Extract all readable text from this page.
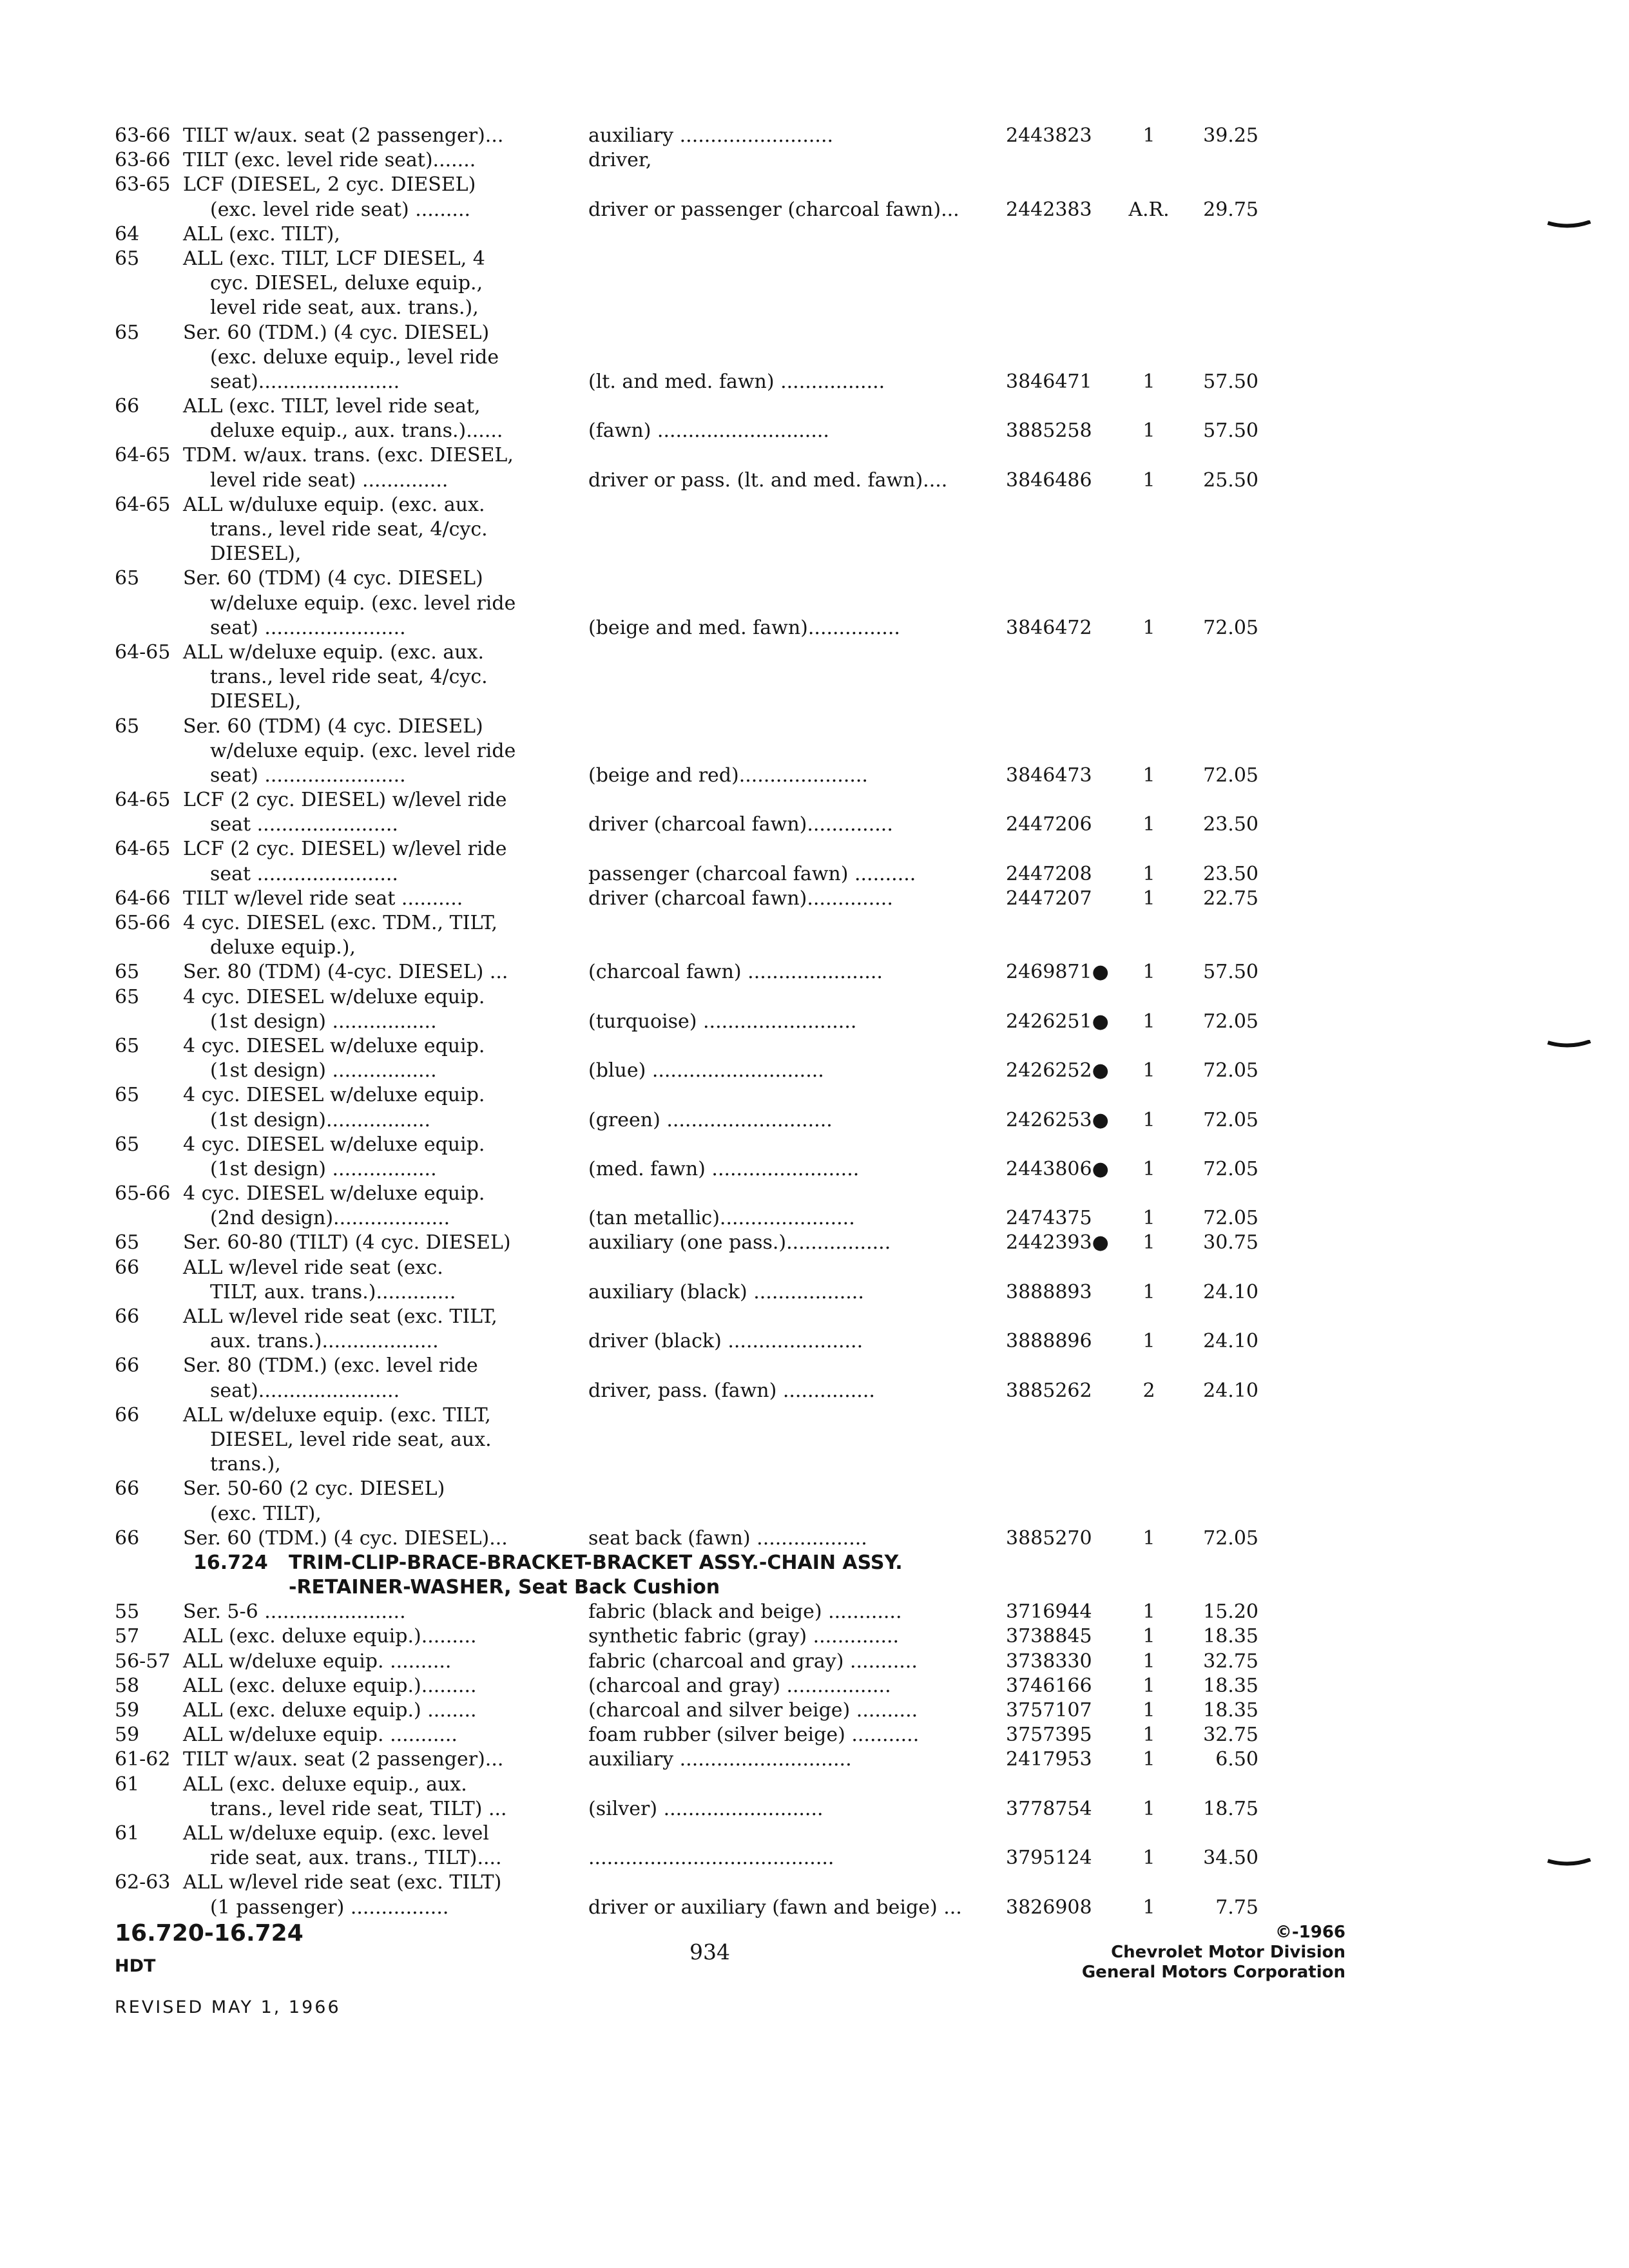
63-66 TILT w/aux. seat (2 passenger)...	auxiliary .........................	2443823	1	39.25
63-66 TILT (exc. level ride seat).......	driver,
63-65 LCF (DIESEL, 2 cyc. DIESEL)
(exc. level ride seat) .........	driver or passenger (charcoal fawn)... 2442383 A.R.	29.75
64 ALL (exc. TILT),
65 ALL (exc. TILT, LCF DIESEL, 4
cyc. DIESEL, deluxe equip.,
level ride seat, aux. trans.),
65 Ser. 60 (TDM.) (4 cyc. DIESEL)
(exc. deluxe equip., level ride
seat).......................	(lt. and med. fawn) .................	3846471	1	57.50
66 ALL (exc. TILT, level ride seat,
deluxe equip., aux. trans.)......	(fawn) ............................	3885258	1	57.50
64-65 TDM. w/aux. trans. (exc. DIESEL,
level ride seat) ..............	driver or pass. (lt. and med. fawn)....	3846486	1	25.50
64-65 ALL w/duluxe equip. (exc. aux.
trans., level ride seat, 4/cyc.
DIESEL),
65 Ser. 60 (TDM) (4 cyc. DIESEL)
w/deluxe equip. (exc. level ride
seat) .......................	(beige and med. fawn)...............	3846472	1	72.05
64-65 ALL w/deluxe equip. (exc. aux.
trans., level ride seat, 4/cyc.
DIESEL),
65 Ser. 60 (TDM) (4 cyc. DIESEL)
w/deluxe equip. (exc. level ride
seat) .......................	(beige and red).....................	3846473	1	72.05
64-65 LCF (2 cyc. DIESEL) w/level ride
seat .......................	driver (charcoal fawn)..............	2447206	1	23.50
64-65 LCF (2 cyc. DIESEL) w/level ride
seat .......................	passenger (charcoal fawn) ..........	2447208	1	23.50
64-66 TILT w/level ride seat ..........	driver (charcoal fawn)..............	2447207	1	22.75
65-66 4 cyc. DIESEL (exc. TDM., TILT,
deluxe equip.),
65 Ser. 80 (TDM) (4-cyc. DIESEL) ...	(charcoal fawn) ......................	2469871●	1	57.50
65 4 cyc. DIESEL w/deluxe equip.
(1st design) .................	(turquoise) .........................	2426251●	1	72.05
65 4 cyc. DIESEL w/deluxe equip.
(1st design) .................	(blue) ............................	2426252●	1	72.05
65 4 cyc. DIESEL w/deluxe equip.
(1st design).................	(green) ...........................	2426253●	1	72.05
65 4 cyc. DIESEL w/deluxe equip.
(1st design) .................	(med. fawn) ........................	2443806●	1	72.05
65-66 4 cyc. DIESEL w/deluxe equip.
(2nd design)...................	(tan metallic)......................	2474375	1	72.05
65 Ser. 60-80 (TILT) (4 cyc. DIESEL)	auxiliary (one pass.).................	2442393●	1	30.75
66 ALL w/level ride seat (exc.
TILT, aux. trans.).............	auxiliary (black) ..................	3888893	1	24.10
66 ALL w/level ride seat (exc. TILT,
aux. trans.)...................	driver (black) ......................	3888896	1	24.10
66 Ser. 80 (TDM.) (exc. level ride
seat).......................	driver, pass. (fawn) ...............	3885262	2	24.10
66 ALL w/deluxe equip. (exc. TILT,
DIESEL, level ride seat, aux.
trans.),
66 Ser. 50-60 (2 cyc. DIESEL)
(exc. TILT),
66 Ser. 60 (TDM.) (4 cyc. DIESEL)...	seat back (fawn) ..................	3885270	1	72.05
16.724 TRIM-CLIP-BRACE-BRACKET-BRACKET ASSY.-CHAIN ASSY.
-RETAINER-WASHER, Seat Back Cushion
55 Ser. 5-6 .......................	fabric (black and beige) ............	3716944	1	15.20
57 ALL (exc. deluxe equip.).........	synthetic fabric (gray) ..............	3738845	1	18.35
56-57 ALL w/deluxe equip. ..........	fabric (charcoal and gray) ...........	3738330	1	32.75
58 ALL (exc. deluxe equip.).........	(charcoal and gray) .................	3746166	1	18.35
59 ALL (exc. deluxe equip.) ........	(charcoal and silver beige) ..........	3757107	1	18.35
59 ALL w/deluxe equip. ...........	foam rubber (silver beige) ...........	3757395	1	32.75
61-62 TILT w/aux. seat (2 passenger)...	auxiliary ............................	2417953	1	6.50
61 ALL (exc. deluxe equip., aux.
trans., level ride seat, TILT) ...	(silver) ..........................	3778754	1	18.75
61 ALL w/deluxe equip. (exc. level
ride seat, aux. trans., TILT)....	........................................	3795124	1	34.50
62-63 ALL w/level ride seat (exc. TILT)
(1 passenger) ................	driver or auxiliary (fawn and beige) ... 3826908	1	7.75
16.720-16.724
HDT
REVISED MAY 1, 1966
934
©-1966
Chevrolet Motor Division
General Motors Corporation
